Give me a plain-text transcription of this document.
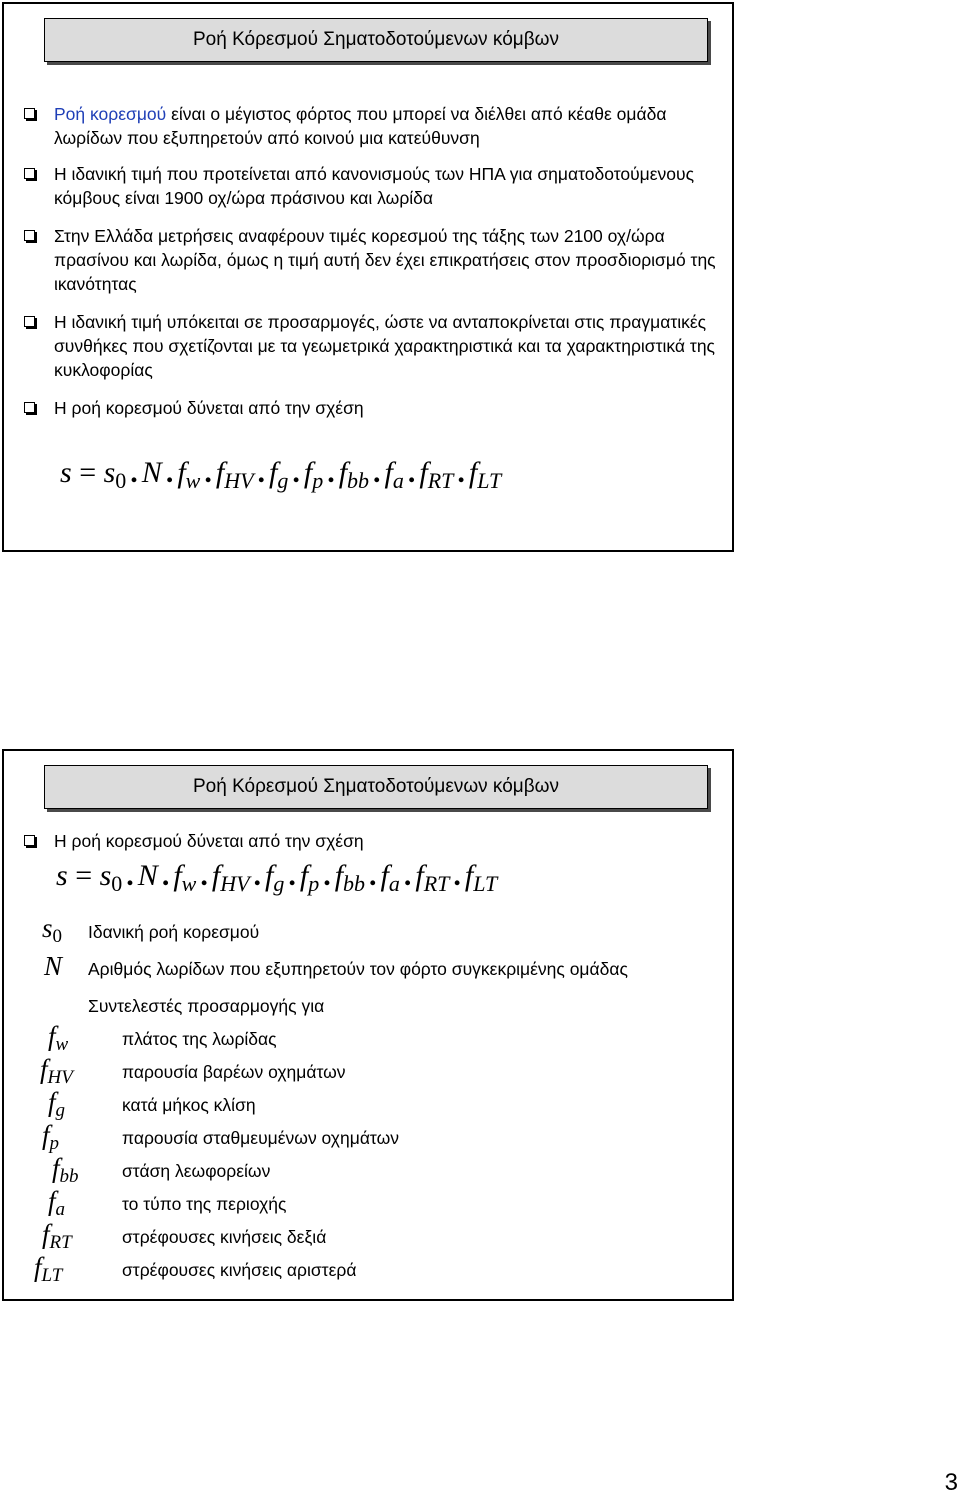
Ροή Κόρεσμού Σηματοδοτούμενων κόμβων
Ροή κορεσμού είναι ο μέγιστος φόρτος που μπορεί να διέλθει από κέαθε ομάδα λωρίδων που εξυπηρετούν από κοινού μια κατεύθυνση
Η ιδανική τιμή που προτείνεται από κανονισμούς των ΗΠΑ για σηματοδοτούμενους κόμβους είναι 1900 οχ/ώρα πράσινου και λωρίδα
Στην Ελλάδα μετρήσεις αναφέρουν τιμές κορεσμού της τάξης των 2100 οχ/ώρα πρασίνου και λωρίδα, όμως η τιμή αυτή δεν έχει επικρατήσεις στον προσδιορισμό της ικανότητας
Η ιδανική τιμή υπόκειται σε προσαρμογές, ώστε να ανταποκρίνεται στις πραγματικές συνθήκες που σχετίζονται με τα γεωμετρικά χαρακτηριστικά και τα χαρακτηριστικά της κυκλοφορίας
Η ροή κορεσμού δύνεται από την σχέση
$s = s_0$ . N . $f_w$ . $f_{HV}$ . $f_g$ . $f_p$ . $f_{bb}$ . $f_a$ . $f_{RT}$ . $f_{LT}$
Ροή Κόρεσμού Σηματοδοτούμενων κόμβων
Η ροή κορεσμού δύνεται από την σχέση
$s = s_0$ . N . $f_w$ . $f_{HV}$ . $f_g$ . $f_p$ . $f_{bb}$ . $f_a$ . $f_{RT}$ . $f_{LT}$
s0 Ιδανική ροή κορεσμού
N Αριθμός λωρίδων που εξυπηρετούν τον φόρτο συγκεκριμένης ομάδας
Συντελεστές προσαρμογής για
fw	πλάτος της λωρίδας
fHV	παρουσία βαρέων οχημάτων
fg	κατά μήκος κλίση
fp	παρουσία σταθμευμένων οχημάτων
fbb στάση λεωφορείων
fa	το τύπο της περιοχής
fRT	στρέφουσες κινήσεις δεξιά
fLT	στρέφουσες κινήσεις αριστερά
3
